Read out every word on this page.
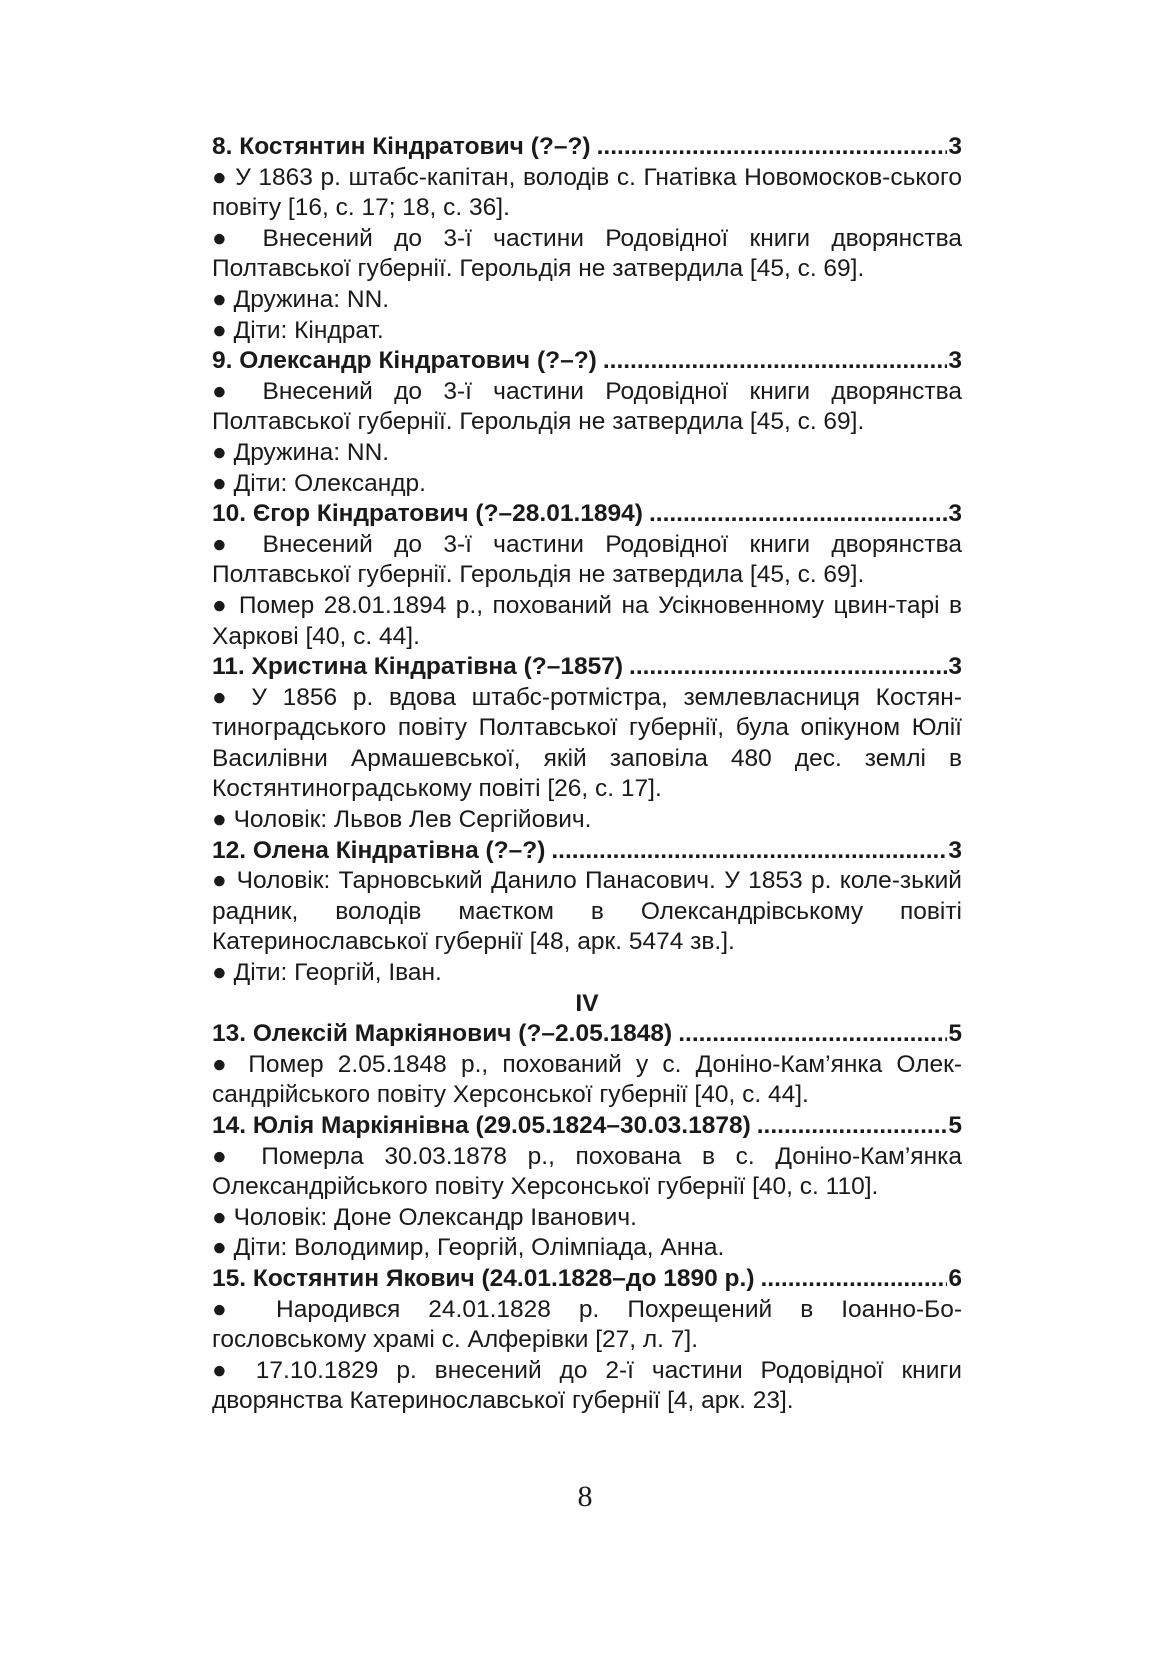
8. Костянтин Кіндратович (?–?) .....	3
● У 1863 р. штабс-капітан, володів с. Гнатівка Новомосков-ського повіту [16, с. 17; 18, с. 36].
● Внесений до 3-ї частини Родовідної книги дворянства Полтавської губернії. Герольдія не затвердила [45, с. 69].
● Дружина: NN.
● Діти: Кіндрат.
9. Олександр Кіндратович (?–?) .....	3
● Внесений до 3-ї частини Родовідної книги дворянства Полтавської губернії. Герольдія не затвердила [45, с. 69].
● Дружина: NN.
● Діти: Олександр.
10. Єгор Кіндратович (?–28.01.1894) .....	3
● Внесений до 3-ї частини Родовідної книги дворянства Полтавської губернії. Герольдія не затвердила [45, с. 69].
● Помер 28.01.1894 р., похований на Усікновенному цвин-тарі в Харкові [40, с. 44].
11. Христина Кіндратівна (?–1857) .....	3
● У 1856 р. вдова штабс-ротмістра, землевласниця Костян-тиноградського повіту Полтавської губернії, була опікуном Юлії Василівни Армашевської, якій заповіла 480 дес. землі в Костянтиноградському повіті [26, с. 17].
● Чоловік: Львов Лев Сергійович.
12. Олена Кіндратівна (?–?) .....	3
● Чоловік: Тарновський Данило Панасович. У 1853 р. коле-зький радник, володів маєтком в Олександрівському повіті Катеринославської губернії [48, арк. 5474 зв.].
● Діти: Георгій, Іван.
IV
13. Олексій Маркіянович (?–2.05.1848) .....	5
● Помер 2.05.1848 р., похований у с. Доніно-Кам’янка Олек-сандрійського повіту Херсонської губернії [40, с. 44].
14. Юлія Маркіянівна (29.05.1824–30.03.1878) .....	5
● Померла 30.03.1878 р., похована в с. Доніно-Кам’янка Олександрійського повіту Херсонської губернії [40, с. 110].
● Чоловік: Доне Олександр Іванович.
● Діти: Володимир, Георгій, Олімпіада, Анна.
15. Костянтин Якович (24.01.1828–до 1890 р.) .....	6
● Народився 24.01.1828 р. Похрещений в Іоанно-Бо-гословському храмі с. Алферівки [27, л. 7].
● 17.10.1829 р. внесений до 2-ї частини Родовідної книги дворянства Катеринославської губернії [4, арк. 23].
8
